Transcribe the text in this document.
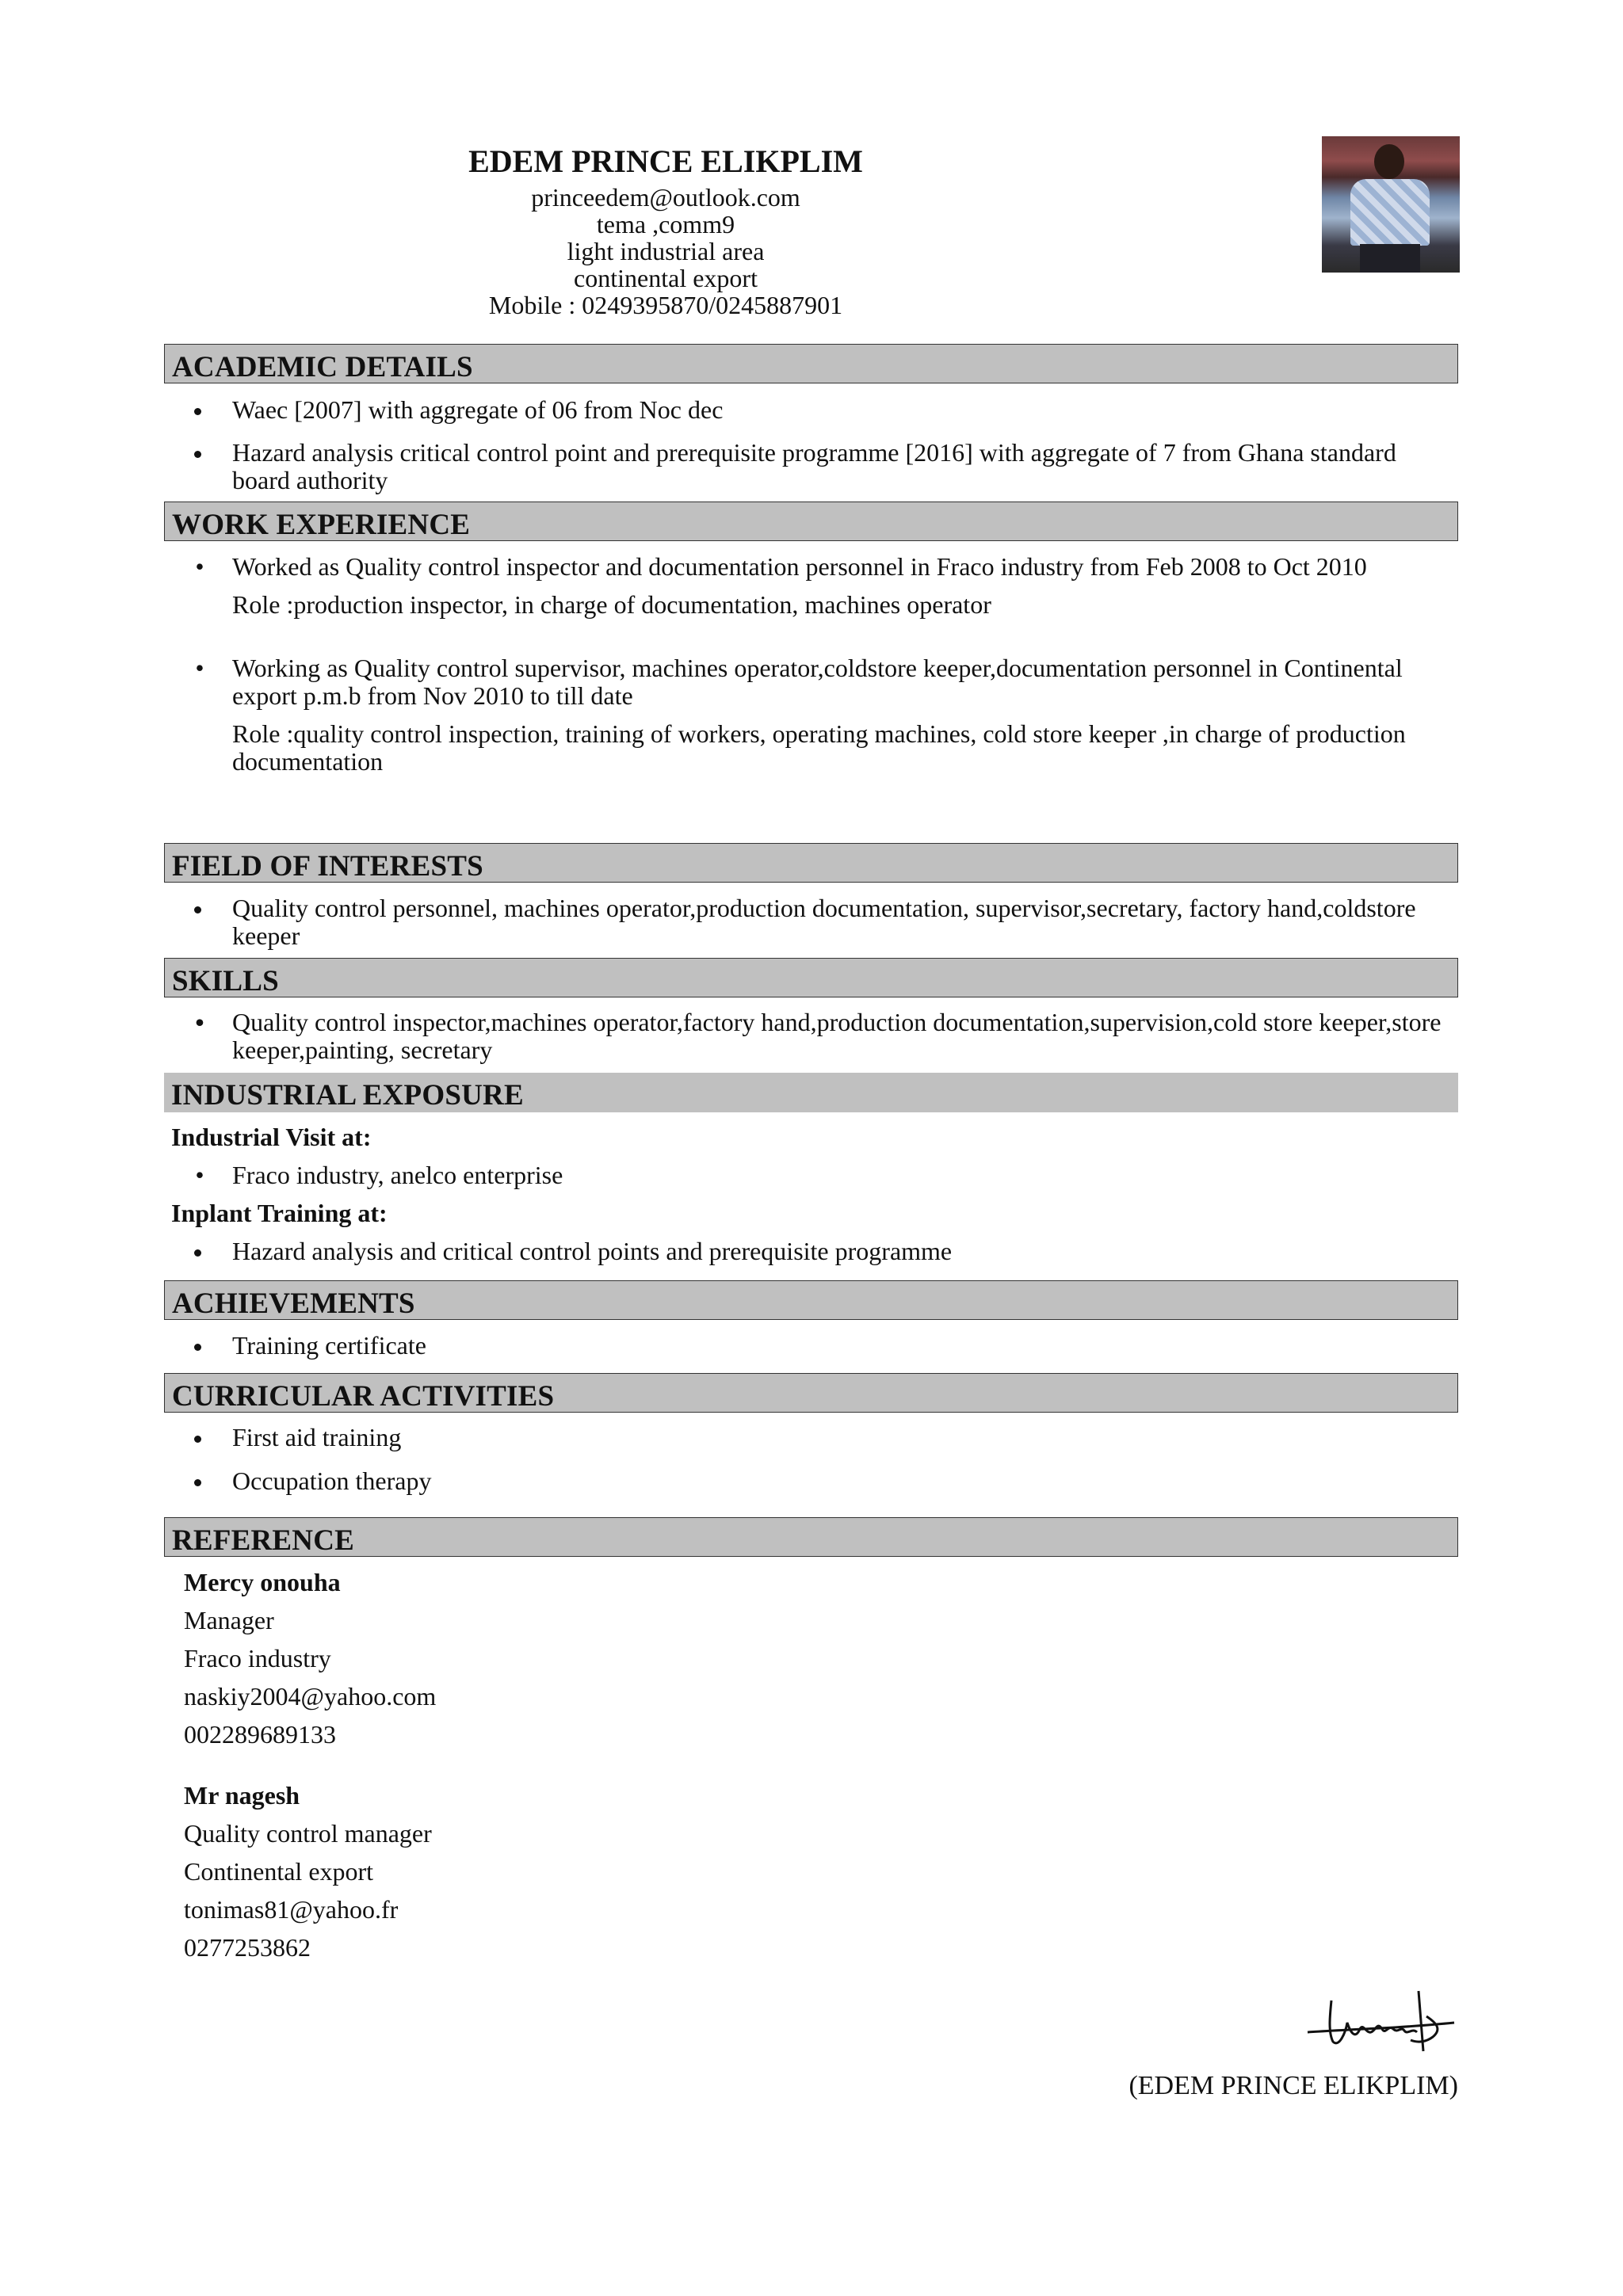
EDEM PRINCE ELIKPLIM
princeedem@outlook.com
tema ,comm9
light industrial area
continental export
Mobile : 0249395870/0245887901
ACADEMIC DETAILS
Waec [2007] with aggregate of 06 from Noc dec
Hazard analysis critical control point and prerequisite programme [2016] with aggregate of 7 from Ghana standard board authority
WORK EXPERIENCE
• Worked as Quality control inspector and documentation personnel in Fraco industry from Feb 2008 to Oct 2010
Role :production inspector, in charge of documentation, machines operator
• Working as Quality control supervisor, machines operator,coldstore keeper,documentation personnel in Continental export p.m.b from Nov 2010 to till date
Role :quality control inspection, training of workers, operating machines, cold store keeper ,in charge of production documentation
FIELD OF INTERESTS
Quality control personnel, machines operator,production documentation, supervisor,secretary, factory hand,coldstore keeper
SKILLS
• Quality control inspector,machines operator,factory hand,production documentation,supervision,cold store keeper,store keeper,painting, secretary
INDUSTRIAL EXPOSURE
Industrial Visit at:
• Fraco industry, anelco enterprise
Inplant Training at:
Hazard analysis and critical control points and prerequisite programme
ACHIEVEMENTS
Training certificate
CURRICULAR ACTIVITIES
First aid training
Occupation therapy
REFERENCE
Mercy onouha
Manager
Fraco industry
naskiy2004@yahoo.com
002289689133
Mr nagesh
Quality control manager
Continental export
tonimas81@yahoo.fr
0277253862
(EDEM PRINCE ELIKPLIM)
